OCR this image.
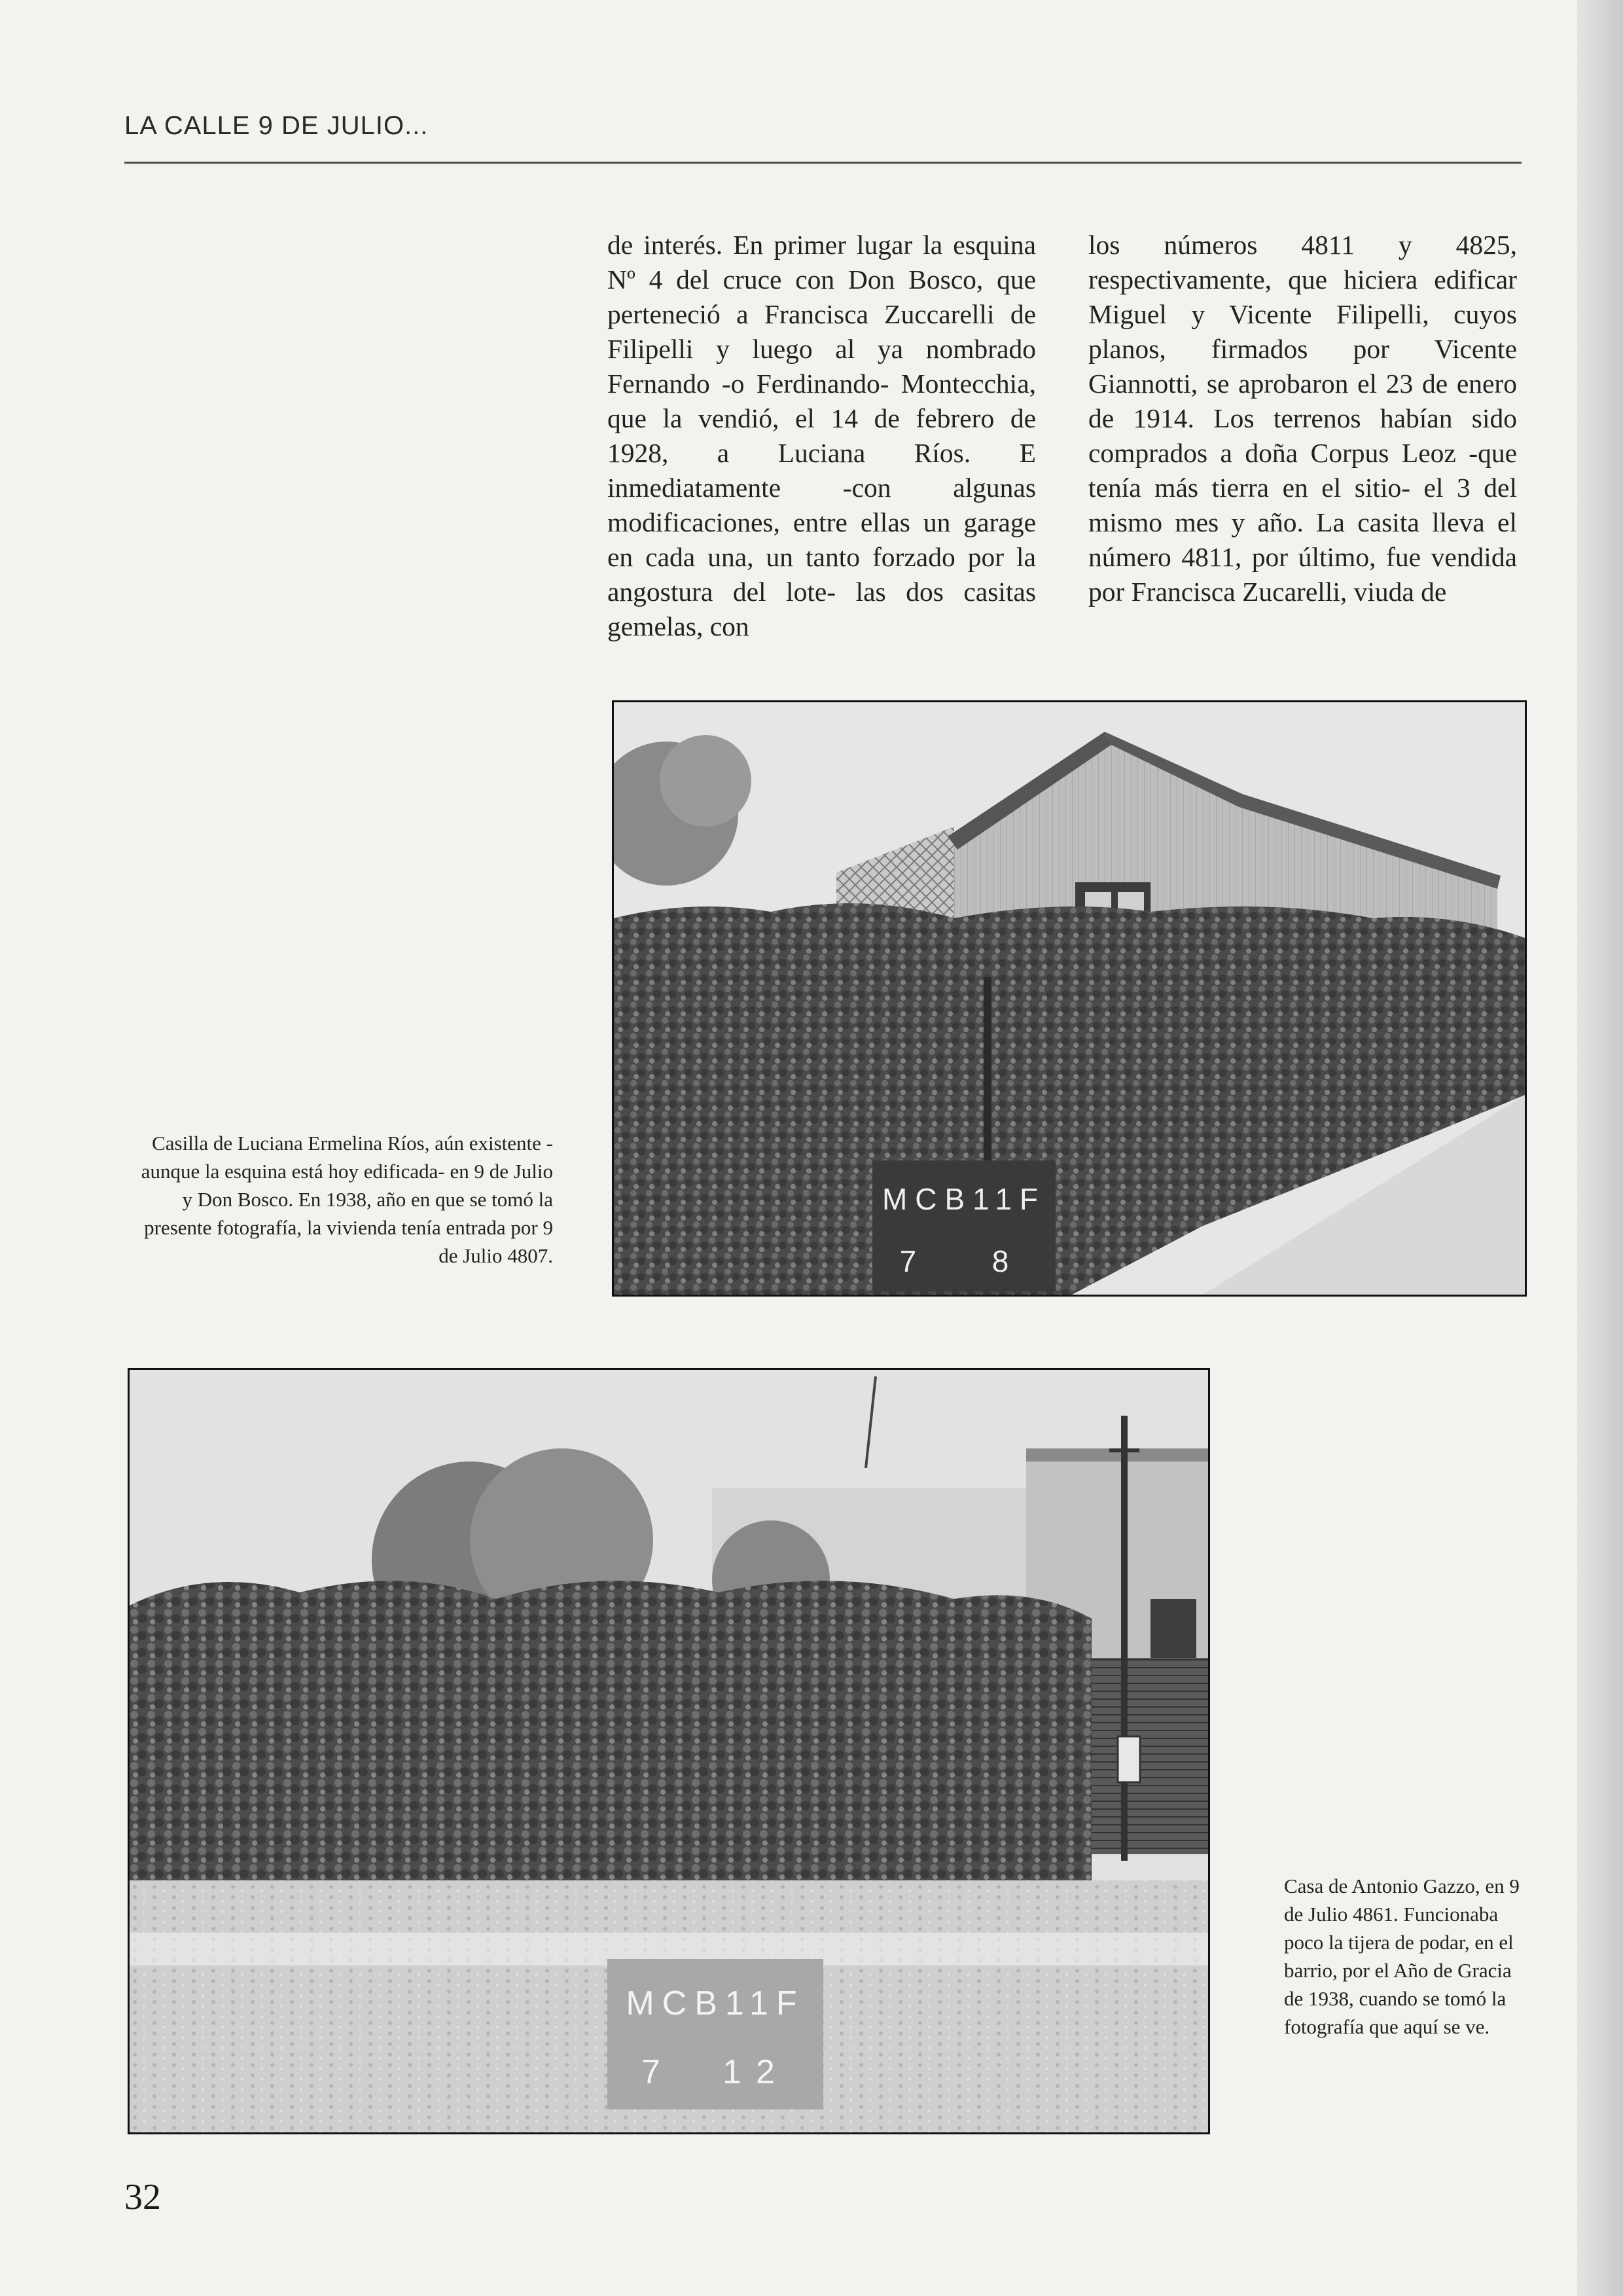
LA CALLE 9 DE JULIO...

de interés. En primer lugar la esquina Nº 4 del cruce con Don Bosco, que perteneció a Francisca Zuccarelli de Filipelli y luego al ya nombrado Fernando -o Ferdinando- Montecchia, que la vendió, el 14 de febrero de 1928, a Luciana Ríos. E inmediatamente -con algunas modificaciones, entre ellas un garage en cada una, un tanto forzado por la angostura del lote- las dos casitas gemelas, con

los números 4811 y 4825, respectivamente, que hiciera edificar Miguel y Vicente Filipelli, cuyos planos, firmados por Vicente Giannotti, se aprobaron el 23 de enero de 1914. Los terrenos habían sido comprados a doña Corpus Leoz -que tenía más tierra en el sitio- el 3 del mismo mes y año. La casita lleva el número 4811, por último, fue vendida por Francisca Zucarelli, viuda de

MCB11F
7  8
Casilla de Luciana Ermelina Ríos, aún existente -aunque la esquina está hoy edificada- en 9 de Julio y Don Bosco. En 1938, año en que se tomó la presente fotografía, la vivienda tenía entrada por 9 de Julio 4807.
MCB11F
7  12
Casa de Antonio Gazzo, en 9 de Julio 4861. Funcionaba poco la tijera de podar, en el barrio, por el Año de Gracia de 1938, cuando se tomó la fotografía que aquí se ve.
32
